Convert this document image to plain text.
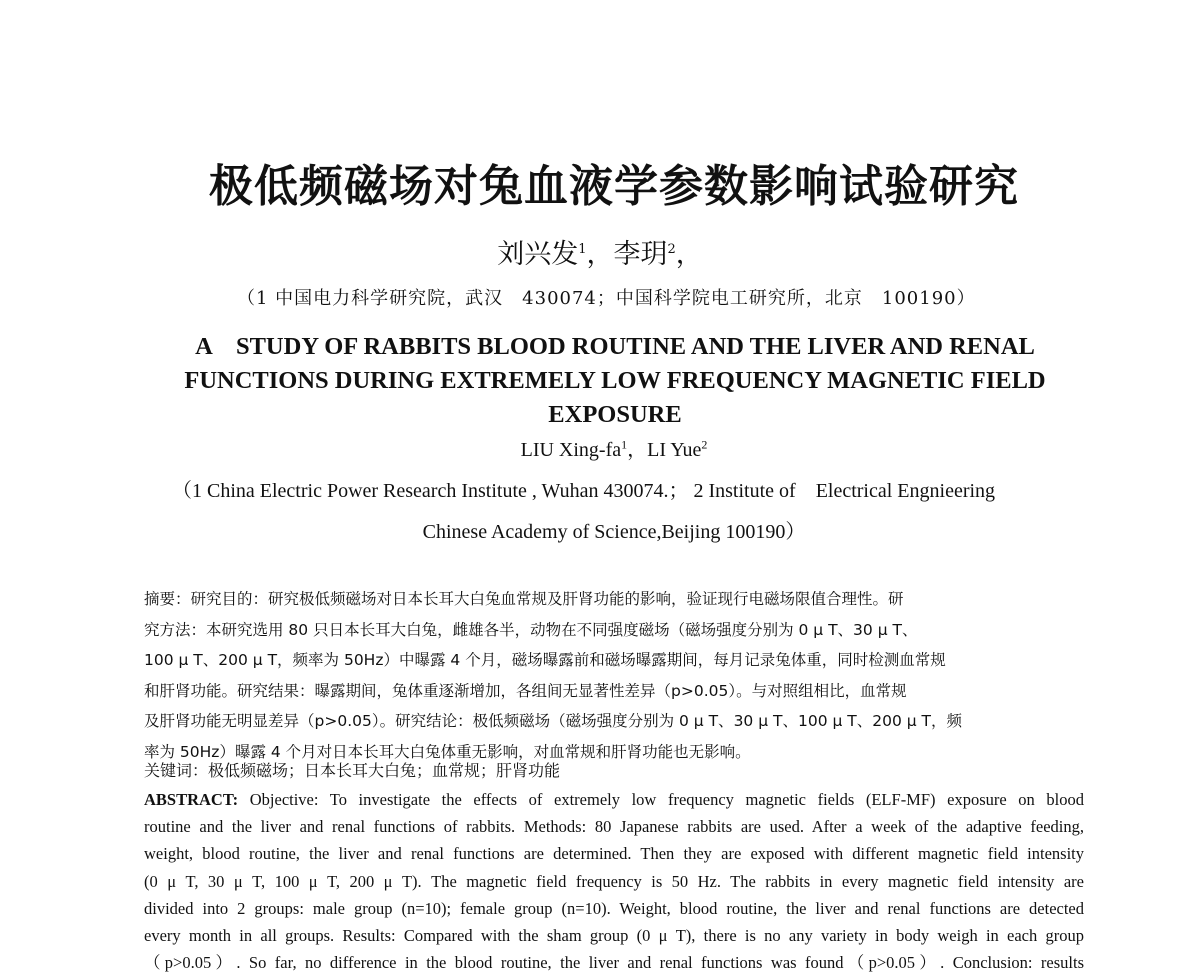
极低频磁场对兔血液学参数影响试验研究
刘兴发$^1$，李玥$^2$，
（1 中国电力科学研究院，武汉　430074；中国科学院电工研究所，北京　100190）
A　STUDY OF RABBITS BLOOD ROUTINE AND THE LIVER AND RENAL FUNCTIONS DURING EXTREMELY LOW FREQUENCY MAGNETIC FIELD EXPOSURE
LIU Xing-$fa^1$，LI Yue$^2$
（1 China Electric Power Research Institute , Wuhan 430074.； 2 Institute of　Electrical Engnieering
Chinese Academy of Science,Beijing 100190）
摘要：研究目的：研究极低频磁场对日本长耳大白兔血常规及肝肾功能的影响，验证现行电磁场限值合理性。研
究方法：本研究选用 80 只日本长耳大白兔，雌雄各半，动物在不同强度磁场（磁场强度分别为 0 μ T、30 μ T、
100 μ T、200 μ T，频率为 50Hz）中曝露 4 个月，磁场曝露前和磁场曝露期间，每月记录兔体重，同时检测血常规
和肝肾功能。研究结果：曝露期间，兔体重逐渐增加，各组间无显著性差异（p>0.05）。与对照组相比，血常规
及肝肾功能无明显差异（p>0.05）。研究结论：极低频磁场（磁场强度分别为 0 μ T、30 μ T、100 μ T、200 μ T，频
率为 50Hz）曝露 4 个月对日本长耳大白兔体重无影响，对血常规和肝肾功能也无影响。
关键词：极低频磁场；日本长耳大白兔；血常规；肝肾功能
ABSTRACT: Objective: To investigate the effects of extremely low frequency magnetic fields (ELF-MF) exposure on blood
routine and the liver and renal functions of rabbits. Methods: 80 Japanese rabbits are used. After a week of the adaptive feeding,
weight, blood routine, the liver and renal functions are determined. Then they are exposed with different magnetic field intensity
(0 μ T, 30 μ T, 100 μ T, 200 μ T). The magnetic field frequency is 50 Hz. The rabbits in every magnetic field intensity are
divided into 2 groups: male group (n=10); female group (n=10). Weight, blood routine, the liver and renal functions are detected
every month in all groups. Results: Compared with the sham group (0 μ T), there is no any variety in body weigh in each group
（p>0.05）. So far, no difference in the blood routine, the liver and renal functions was found（p>0.05）. Conclusion: results
